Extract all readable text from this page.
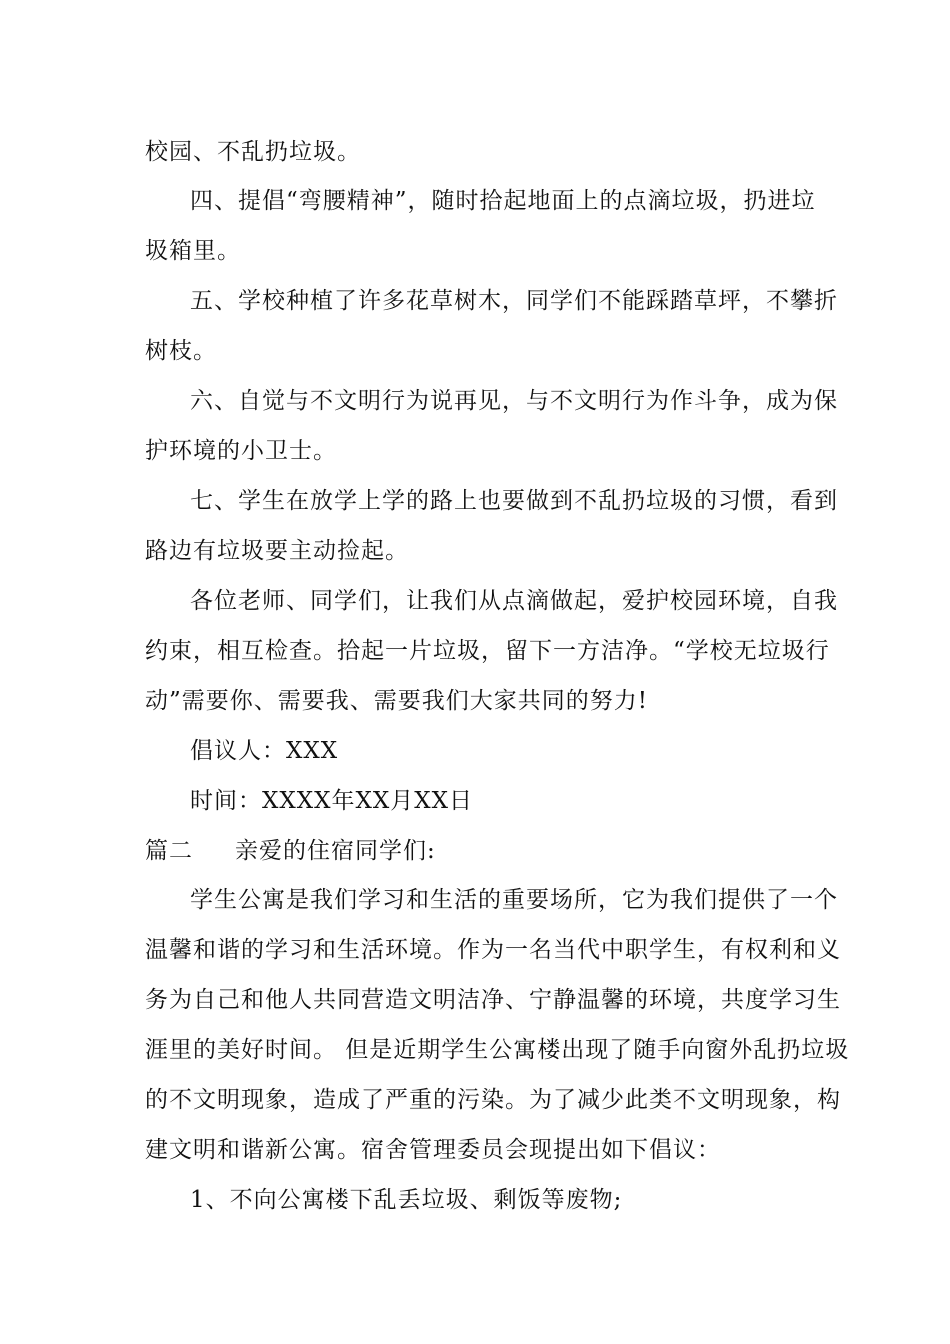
校园、不乱扔垃圾。
四、提倡“弯腰精神”，随时拾起地面上的点滴垃圾，扔进垃
圾箱里。
五、学校种植了许多花草树木，同学们不能踩踏草坪，不攀折
树枝。
六、自觉与不文明行为说再见，与不文明行为作斗争，成为保
护环境的小卫士。
七、学生在放学上学的路上也要做到不乱扔垃圾的习惯，看到
路边有垃圾要主动捡起。
各位老师、同学们，让我们从点滴做起，爱护校园环境，自我
约束，相互检查。拾起一片垃圾，留下一方洁净。“学校无垃圾行
动”需要你、需要我、需要我们大家共同的努力!
倡议人：XXX
时间：XXXX年XX月XX日
篇二 亲爱的住宿同学们:
学生公寓是我们学习和生活的重要场所，它为我们提供了一个
温馨和谐的学习和生活环境。作为一名当代中职学生，有权利和义
务为自己和他人共同营造文明洁净、宁静温馨的环境，共度学习生
涯里的美好时间。 但是近期学生公寓楼出现了随手向窗外乱扔垃圾
的不文明现象，造成了严重的污染。为了减少此类不文明现象，构
建文明和谐新公寓。宿舍管理委员会现提出如下倡议：
1、不向公寓楼下乱丢垃圾、剩饭等废物;
